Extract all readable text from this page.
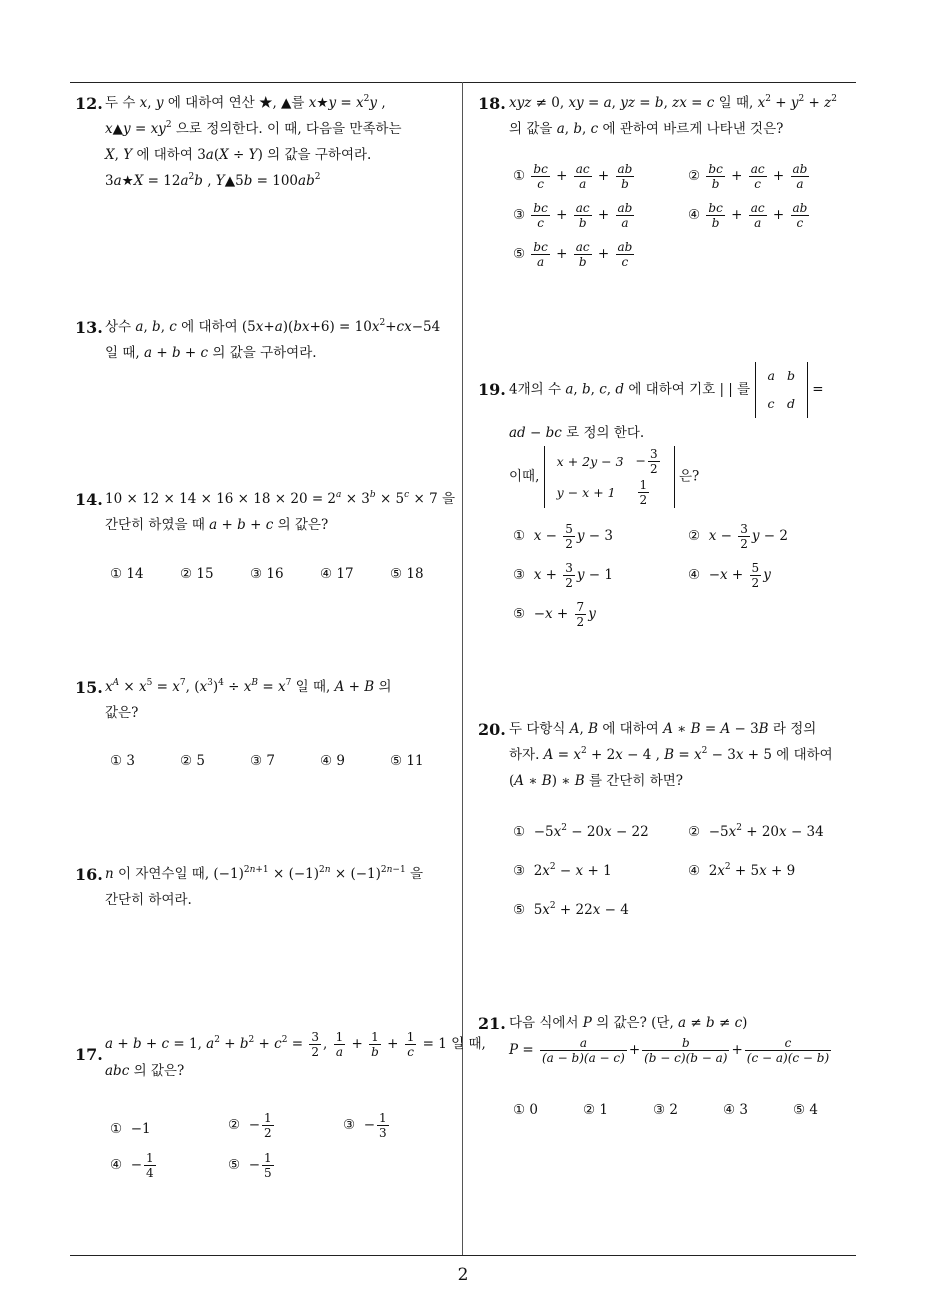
12. 두 수 x, y 에 대하여 연산 ★, ▲를 x★y = $x^2y$ ,
x▲y = $xy^2$ 으로 정의한다. 이 때, 다음을 만족하는
X, Y 에 대하여 3a(X ÷ Y) 의 값을 구하여라.
3a★X = $12a^2b$ , Y▲5b = $100ab^2$
13. 상수 a, b, c 에 대하여 $(5x+a)(bx+6) = 10x^2+cx-54$
일 때, a + b + c 의 값을 구하여라.
14. $10 \times 12 \times 14 \times 16 \times 18 \times 20 = 2^a \times 3^b \times 5^c \times 7$ 을
간단히 하였을 때 a + b + c 의 값은?
① 14	② 15	③ 16	④ 17	⑤ 18
15. $x^A \times x^5 = x^7$, $(x^3)^4 \div x^B = x^7$ 일 때, A + B 의
값은?
① 3	② 5	③ 7	④ 9	⑤ 11
16. n 이 자연수일 때, $(-1)^{2n+1} \times (-1)^{2n} \times (-1)^{2n-1}$ 을
간단히 하여라.
17.
a + b + c = 1, $a^2 + b^2 + c^2 = \frac{3}{2}$ , $\frac{1}{a} + \frac{1}{b} + \frac{1}{c} = 1$ 일 때,
abc 의 값은?
①  −1	②  − $\frac{1}{2}$	③  − $\frac{1}{3}$
④  − $\frac{1}{4}$	⑤  − $\frac{1}{5}$
18. xyz ≠ 0, xy = a, yz = b, zx = c 일 때, $x^2 + y^2 + z^2$
의 값을 a, b, c 에 관하여 바르게 나타낸 것은?
① $\frac{bc}{c} + \frac{ac}{a} + \frac{ab}{b}$	② $\frac{bc}{b} + \frac{ac}{c} + \frac{ab}{a}$
③ $\frac{bc}{c} + \frac{ac}{b} + \frac{ab}{a}$	④ $\frac{bc}{b} + \frac{ac}{a} + \frac{ab}{c}$
⑤ $\frac{bc}{a} + \frac{ac}{b} + \frac{ab}{c}$
19. 4개의 수 a, b, c, d 에 대하여 기호 | | 를
a	b
c	d
=
ad − bc 로 정의 한다.
이때,
x + 2y − 3	− $\frac{3}{2}$

y − x + 1	$\frac{1}{2}$
은?
① $x - \frac{5}{2}$ y − 3	② $x - \frac{3}{2}$ y − 2
③ $x + \frac{3}{2}$ y − 1	④  $-x + \frac{5}{2}$ y
⑤  $-x + \frac{7}{2}$ y
20. 두 다항식 A, B 에 대하여 A ∗ B = A − 3B 라 정의
하자. $A = x^2 + 2x - 4$ , $B = x^2 - 3x + 5$ 에 대하여
(A ∗ B) ∗ B 를 간단히 하면?
①  $-5x^2 - 20x - 22$	②  $-5x^2 + 20x - 34$
③  $2x^2 - x + 1$	④  $2x^2 + 5x + 9$
⑤  $5x^2 + 22x - 4$
21. 다음 식에서 P 의 값은? (단, a ≠ b ≠ c)
$P = \frac{a}{(a - b)(a - c)} + \frac{b}{(b - c)(b - a)} + \frac{c}{(c - a)(c - b)}$
① 0	② 1	③ 2	④ 3	⑤ 4
2
